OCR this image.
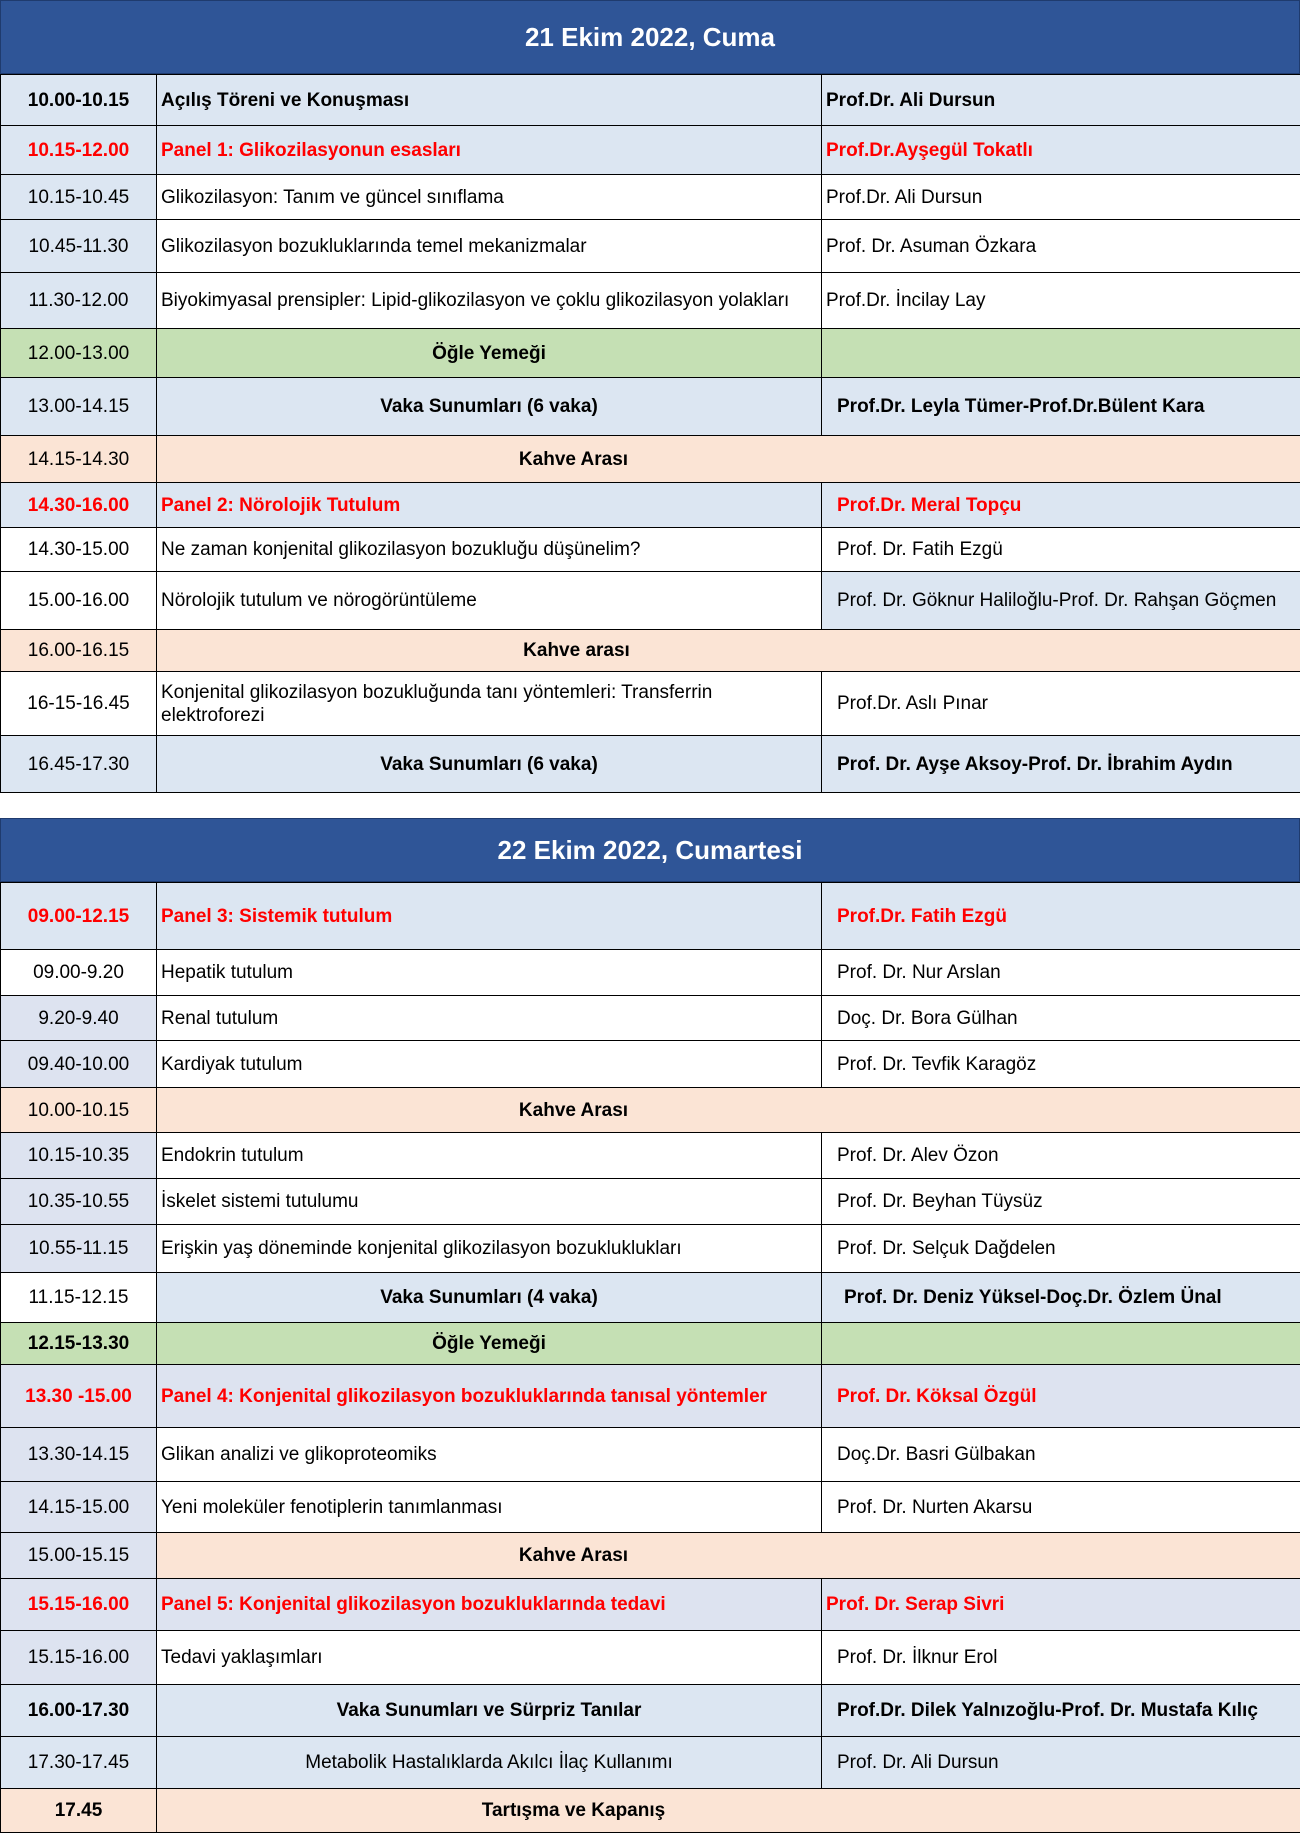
21 Ekim 2022, Cuma
10.00-10.15	Açılış Töreni ve Konuşması	Prof.Dr. Ali Dursun
10.15-12.00	Panel 1: Glikozilasyonun esasları	Prof.Dr.Ayşegül Tokatlı
10.15-10.45	Glikozilasyon: Tanım ve güncel sınıflama	Prof.Dr. Ali Dursun
10.45-11.30	Glikozilasyon bozukluklarında temel mekanizmalar	Prof. Dr. Asuman Özkara
11.30-12.00	Biyokimyasal prensipler: Lipid-glikozilasyon ve çoklu glikozilasyon yolakları	Prof.Dr. İncilay Lay
12.00-13.00	Öğle Yemeği	
13.00-14.15	Vaka Sunumları (6 vaka)	Prof.Dr. Leyla Tümer-Prof.Dr.Bülent Kara
14.15-14.30	Kahve Arası	
14.30-16.00	Panel 2: Nörolojik Tutulum	Prof.Dr. Meral Topçu
14.30-15.00	Ne zaman konjenital glikozilasyon bozukluğu düşünelim?	Prof. Dr. Fatih Ezgü
15.00-16.00	Nörolojik tutulum ve nörogörüntüleme	Prof. Dr. Göknur Haliloğlu-Prof. Dr. Rahşan Göçmen
16.00-16.15	Kahve arası	
16-15-16.45	Konjenital glikozilasyon bozukluğunda tanı yöntemleri: Transferrin elektroforezi	Prof.Dr. Aslı Pınar
16.45-17.30	Vaka Sunumları (6 vaka)	Prof. Dr. Ayşe Aksoy-Prof. Dr. İbrahim Aydın
22 Ekim 2022, Cumartesi
09.00-12.15	Panel 3: Sistemik tutulum	Prof.Dr. Fatih Ezgü
09.00-9.20	Hepatik tutulum	Prof. Dr. Nur Arslan
9.20-9.40	Renal tutulum	Doç. Dr. Bora Gülhan
09.40-10.00	Kardiyak tutulum	Prof. Dr. Tevfik Karagöz
10.00-10.15	Kahve Arası	
10.15-10.35	Endokrin tutulum	Prof. Dr. Alev Özon
10.35-10.55	İskelet sistemi tutulumu	Prof. Dr. Beyhan Tüysüz
10.55-11.15	Erişkin yaş döneminde konjenital glikozilasyon bozukluklukları	Prof. Dr. Selçuk Dağdelen
11.15-12.15	Vaka Sunumları (4 vaka)	Prof. Dr. Deniz Yüksel-Doç.Dr. Özlem Ünal
12.15-13.30	Öğle Yemeği	
13.30 -15.00	Panel 4: Konjenital glikozilasyon bozukluklarında tanısal yöntemler	Prof. Dr. Köksal Özgül
13.30-14.15	Glikan analizi ve glikoproteomiks	Doç.Dr. Basri Gülbakan
14.15-15.00	Yeni moleküler fenotiplerin tanımlanması	Prof. Dr. Nurten Akarsu
15.00-15.15	Kahve Arası	
15.15-16.00	Panel 5: Konjenital glikozilasyon bozukluklarında tedavi	Prof. Dr. Serap Sivri
15.15-16.00	Tedavi yaklaşımları	Prof. Dr. İlknur Erol
16.00-17.30	Vaka Sunumları ve Sürpriz Tanılar	Prof.Dr. Dilek Yalnızoğlu-Prof. Dr. Mustafa Kılıç
17.30-17.45	Metabolik Hastalıklarda Akılcı İlaç Kullanımı	Prof. Dr. Ali Dursun
17.45	Tartışma ve Kapanış	
